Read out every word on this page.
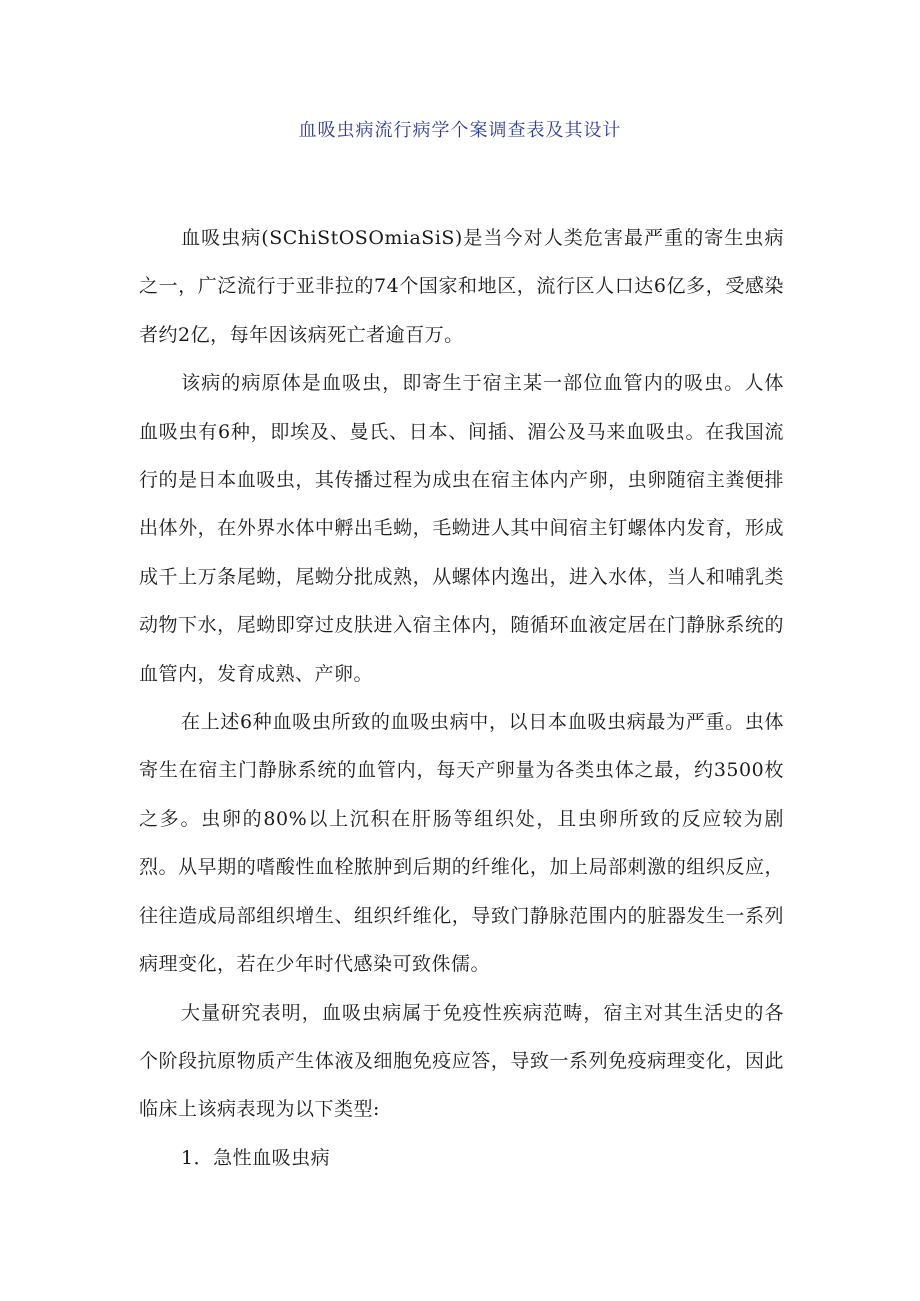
血吸虫病流行病学个案调查表及其设计

血吸虫病(SChiStOSOmiaSiS)是当今对人类危害最严重的寄生虫病之一，广泛流行于亚非拉的74个国家和地区，流行区人口达6亿多，受感染者约2亿，每年因该病死亡者逾百万。

该病的病原体是血吸虫，即寄生于宿主某一部位血管内的吸虫。人体血吸虫有6种，即埃及、曼氏、日本、间插、湄公及马来血吸虫。在我国流行的是日本血吸虫，其传播过程为成虫在宿主体内产卵，虫卵随宿主粪便排出体外，在外界水体中孵出毛蚴，毛蚴进人其中间宿主钉螺体内发育，形成成千上万条尾蚴，尾蚴分批成熟，从螺体内逸出，进入水体，当人和哺乳类动物下水，尾蚴即穿过皮肤进入宿主体内，随循环血液定居在门静脉系统的血管内，发育成熟、产卵。

在上述6种血吸虫所致的血吸虫病中，以日本血吸虫病最为严重。虫体寄生在宿主门静脉系统的血管内，每天产卵量为各类虫体之最，约3500枚之多。虫卵的80%以上沉积在肝肠等组织处，且虫卵所致的反应较为剧烈。从早期的嗜酸性血栓脓肿到后期的纤维化，加上局部刺激的组织反应，往往造成局部组织增生、组织纤维化，导致门静脉范围内的脏器发生一系列病理变化，若在少年时代感染可致侏儒。

大量研究表明，血吸虫病属于免疫性疾病范畴，宿主对其生活史的各个阶段抗原物质产生体液及细胞免疫应答，导致一系列免疫病理变化，因此临床上该病表现为以下类型:

1．急性血吸虫病
